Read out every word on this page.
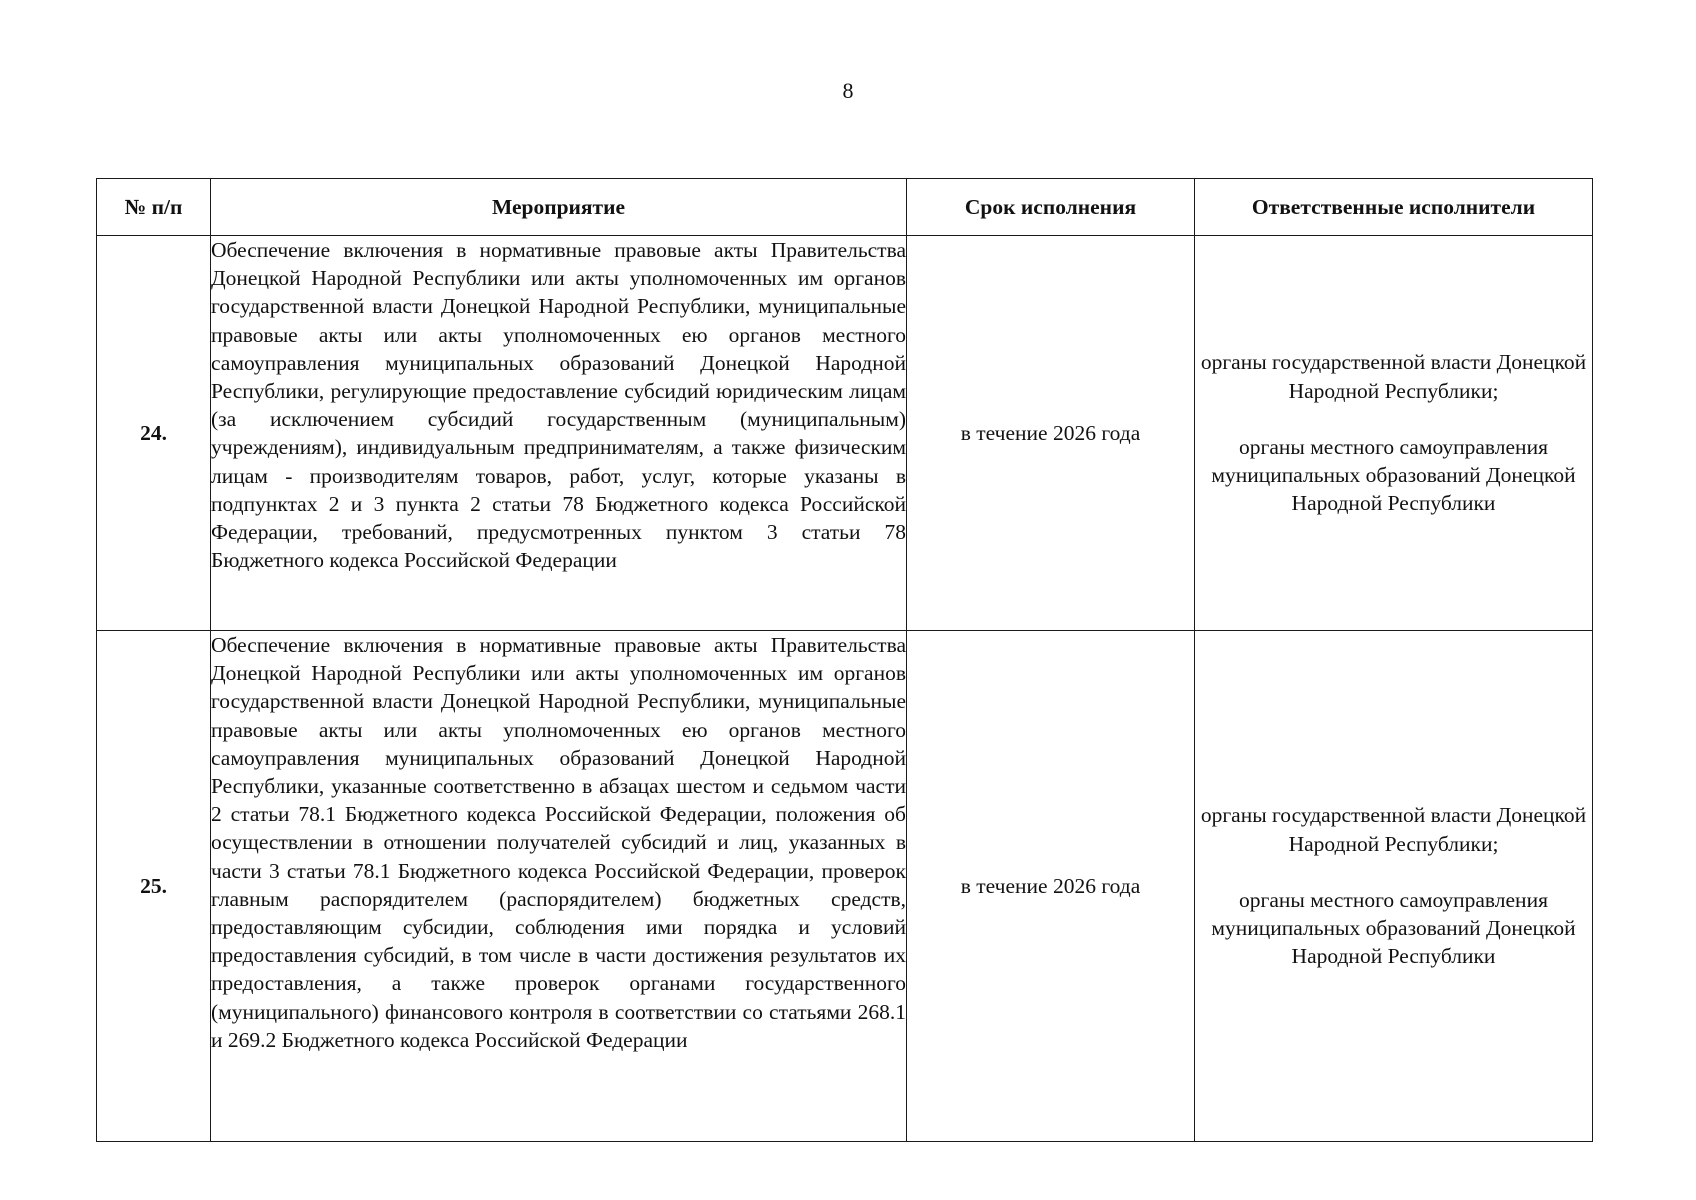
8
№ п/п	Мероприятие	Срок исполнения	Ответственные исполнители
24.	Обеспечение включения в нормативные правовые акты Правительства Донецкой Народной Республики или акты уполномоченных им органов государственной власти Донецкой Народной Республики, муниципальные правовые акты или акты уполномоченных ею органов местного самоуправления муниципальных образований Донецкой Народной Республики, регулирующие предоставление субсидий юридическим лицам (за исключением субсидий государственным (муниципальным) учреждениям), индивидуальным предпринимателям, а также физическим лицам - производителям товаров, работ, услуг, которые указаны в подпунктах 2 и 3 пункта 2 статьи 78 Бюджетного кодекса Российской Федерации, требований, предусмотренных пунктом 3 статьи 78 Бюджетного кодекса Российской Федерации	в течение 2026 года	органы государственной власти Донецкой Народной Республики;
органы местного самоуправления муниципальных образований Донецкой Народной Республики

25.	Обеспечение включения в нормативные правовые акты Правительства Донецкой Народной Республики или акты уполномоченных им органов государственной власти Донецкой Народной Республики, муниципальные правовые акты или акты уполномоченных ею органов местного самоуправления муниципальных образований Донецкой Народной Республики, указанные соответственно в абзацах шестом и седьмом части 2 статьи 78.1 Бюджетного кодекса Российской Федерации, положения об осуществлении в отношении получателей субсидий и лиц, указанных в части 3 статьи 78.1 Бюджетного кодекса Российской Федерации, проверок главным распорядителем (распорядителем) бюджетных средств, предоставляющим субсидии, соблюдения ими порядка и условий предоставления субсидий, в том числе в части достижения результатов их предоставления, а также проверок органами государственного (муниципального) финансового контроля в соответствии со статьями 268.1 и 269.2 Бюджетного кодекса Российской Федерации	в течение 2026 года	органы государственной власти Донецкой Народной Республики;
органы местного самоуправления муниципальных образований Донецкой Народной Республики
